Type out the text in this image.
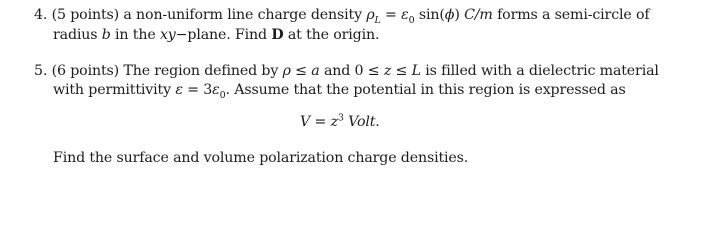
4. (5 points) a non-uniform line charge density $\rho_L = \varepsilon_0$ sin(ϕ) C/m forms a semi-circle of
radius b in the xy−plane. Find D at the origin.
5. (6 points) The region defined by ρ ≤ a and 0 ≤ z ≤ L is filled with a dielectric material
with permittivity $\varepsilon = 3\varepsilon_0$. Assume that the potential in this region is expressed as
$V = z^3$ Volt.
Find the surface and volume polarization charge densities.
